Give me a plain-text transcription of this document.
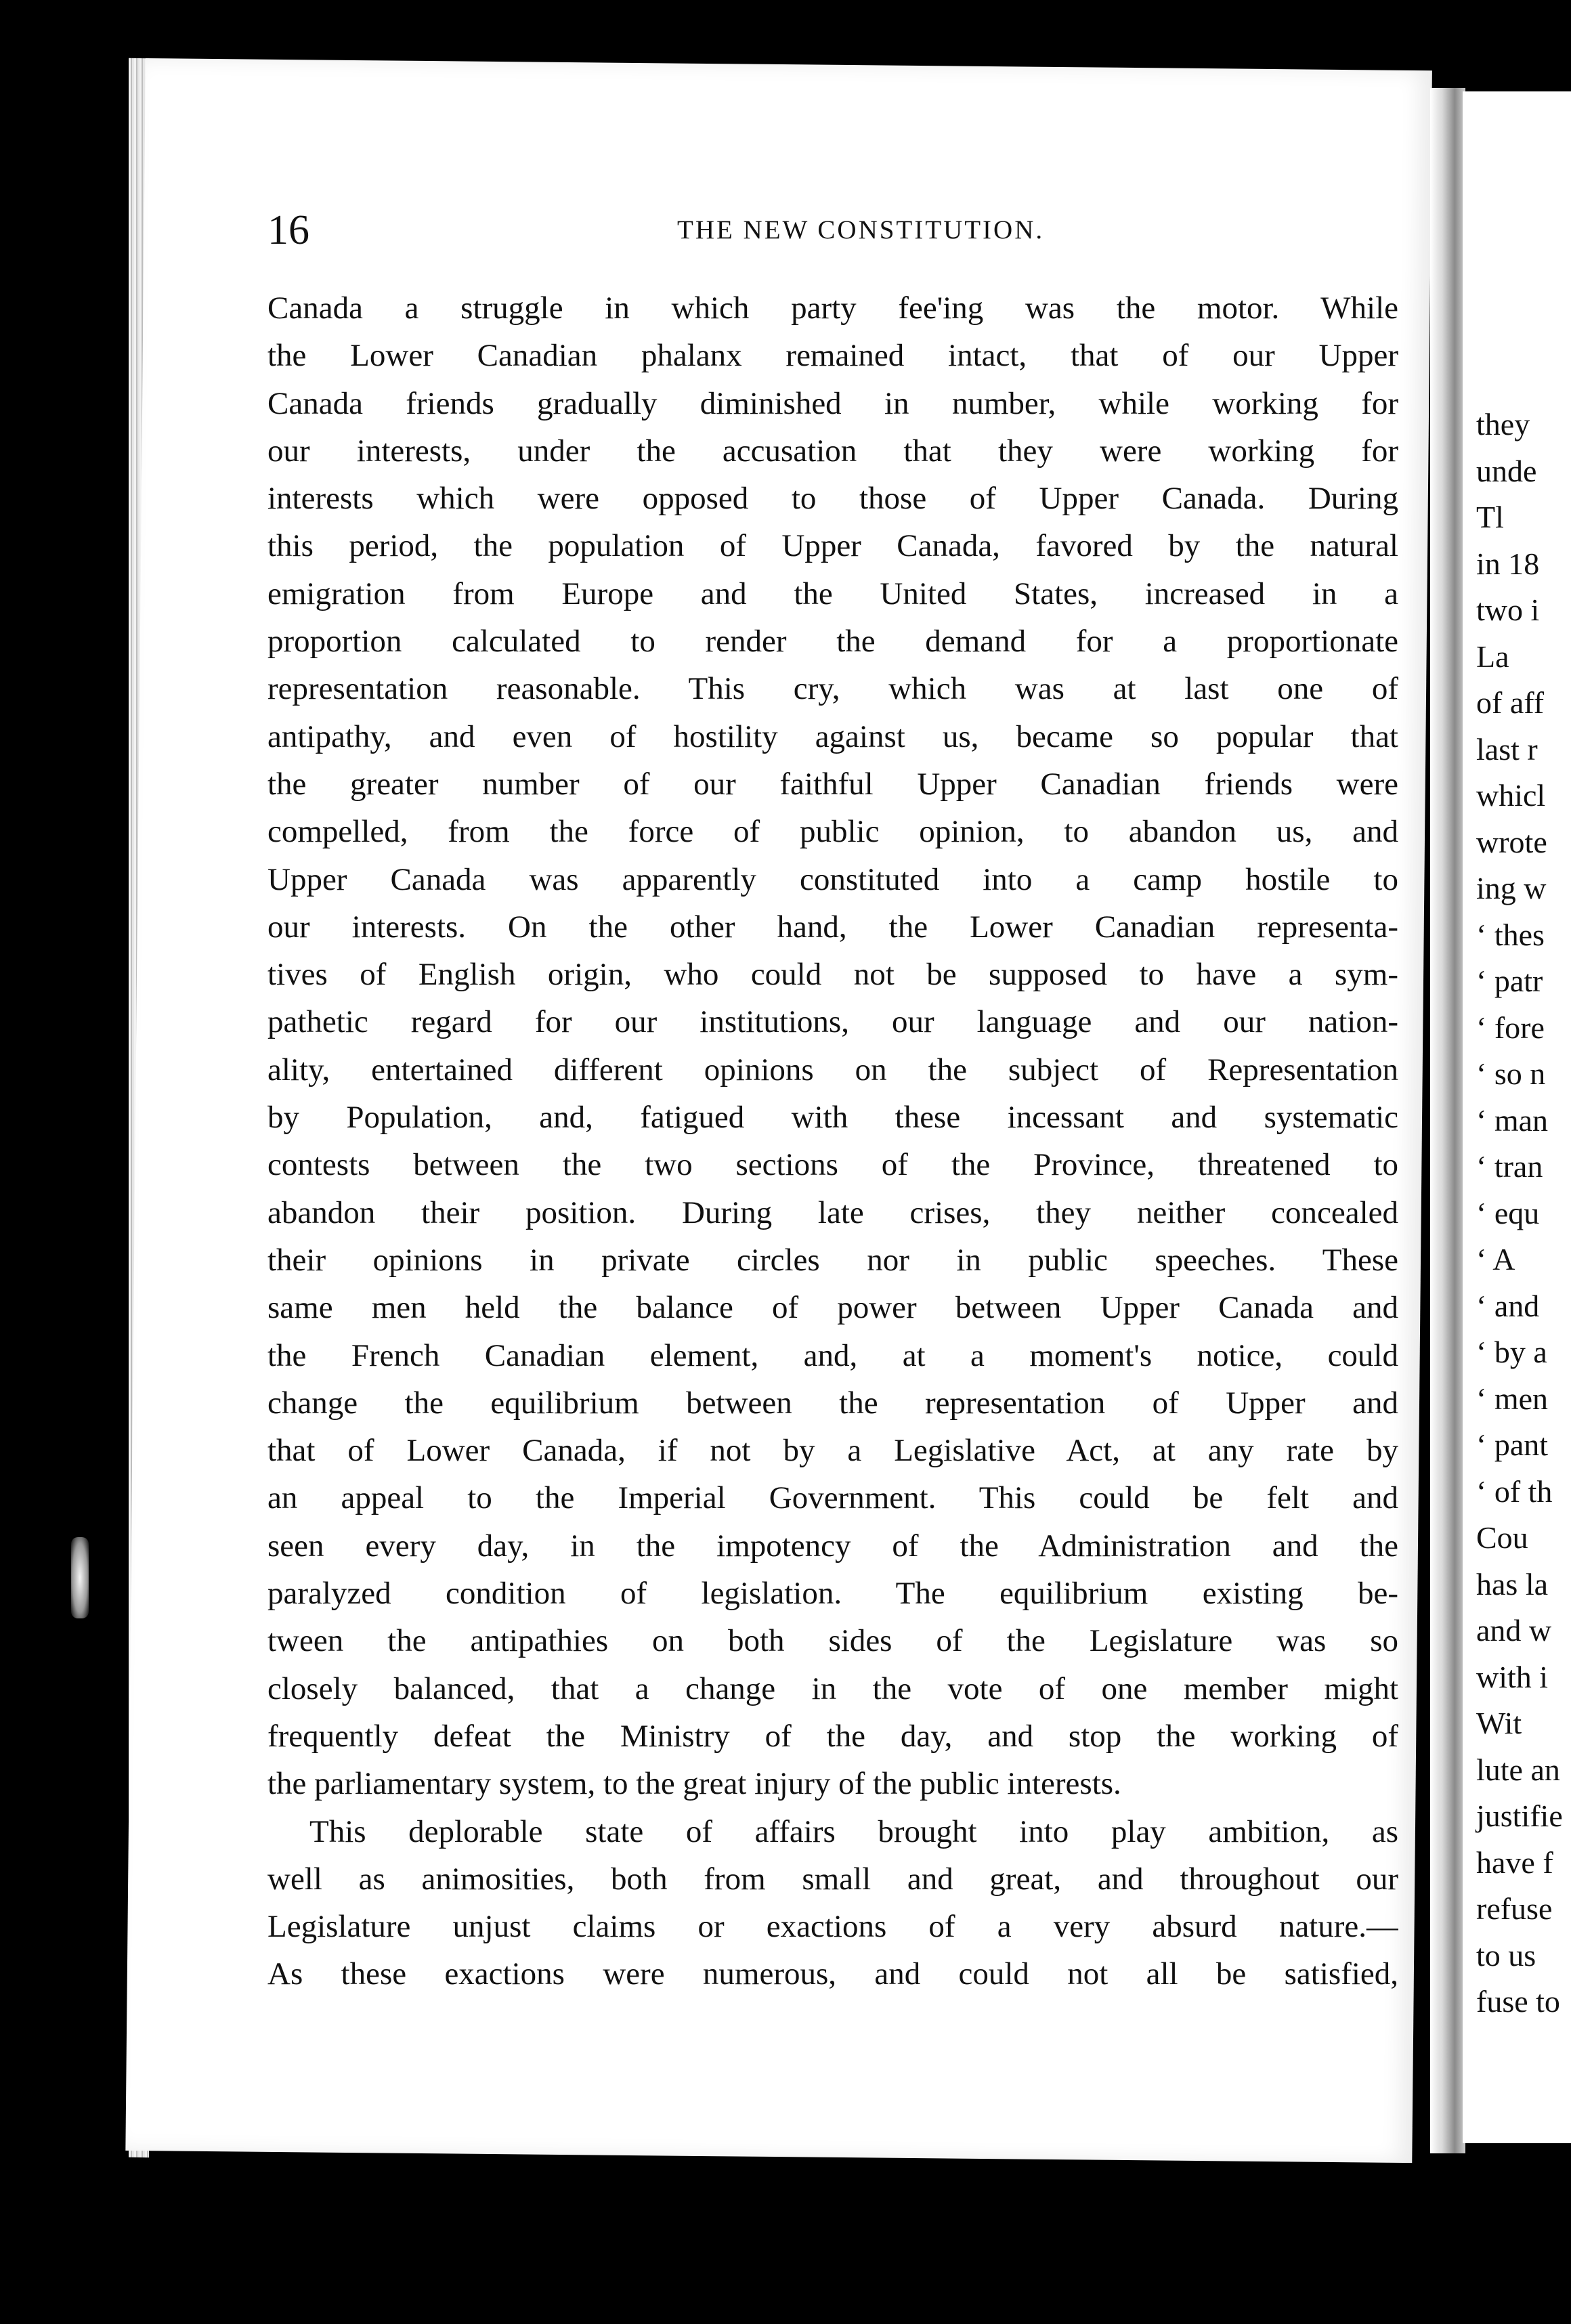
they
unde
Tl
in 18
two i
La
of aff
last r
whicl
wrote
ing w
‘ thes
‘ patr
‘ fore
‘ so n
‘ man
‘ tran
‘ equ
‘ A
‘ and
‘ by a
‘ men
‘ pant
‘ of th
Cou
has la
and w
with i
Wit
lute an
justifie
have f
refuse
to us
fuse to
16	THE NEW CONSTITUTION.
Canada a struggle in which party fee'ing was the motor. While
the Lower Canadian phalanx remained intact, that of our Upper
Canada friends gradually diminished in number, while working for
our interests, under the accusation that they were working for
interests which were opposed to those of Upper Canada. During
this period, the population of Upper Canada, favored by the natural
emigration from Europe and the United States, increased in a
proportion calculated to render the demand for a proportionate
representation reasonable. This cry, which was at last one of
antipathy, and even of hostility against us, became so popular that
the greater number of our faithful Upper Canadian friends were
compelled, from the force of public opinion, to abandon us, and
Upper Canada was apparently constituted into a camp hostile to
our interests. On the other hand, the Lower Canadian representa-
tives of English origin, who could not be supposed to have a sym-
pathetic regard for our institutions, our language and our nation-
ality, entertained different opinions on the subject of Representation
by Population, and, fatigued with these incessant and systematic
contests between the two sections of the Province, threatened to
abandon their position. During late crises, they neither concealed
their opinions in private circles nor in public speeches. These
same men held the balance of power between Upper Canada and
the French Canadian element, and, at a moment's notice, could
change the equilibrium between the representation of Upper and
that of Lower Canada, if not by a Legislative Act, at any rate by
an appeal to the Imperial Government. This could be felt and
seen every day, in the impotency of the Administration and the
paralyzed condition of legislation. The equilibrium existing be-
tween the antipathies on both sides of the Legislature was so
closely balanced, that a change in the vote of one member might
frequently defeat the Ministry of the day, and stop the working of
the parliamentary system, to the great injury of the public interests.
This deplorable state of affairs brought into play ambition, as
well as animosities, both from small and great, and throughout our
Legislature unjust claims or exactions of a very absurd nature.—
As these exactions were numerous, and could not all be satisfied,
